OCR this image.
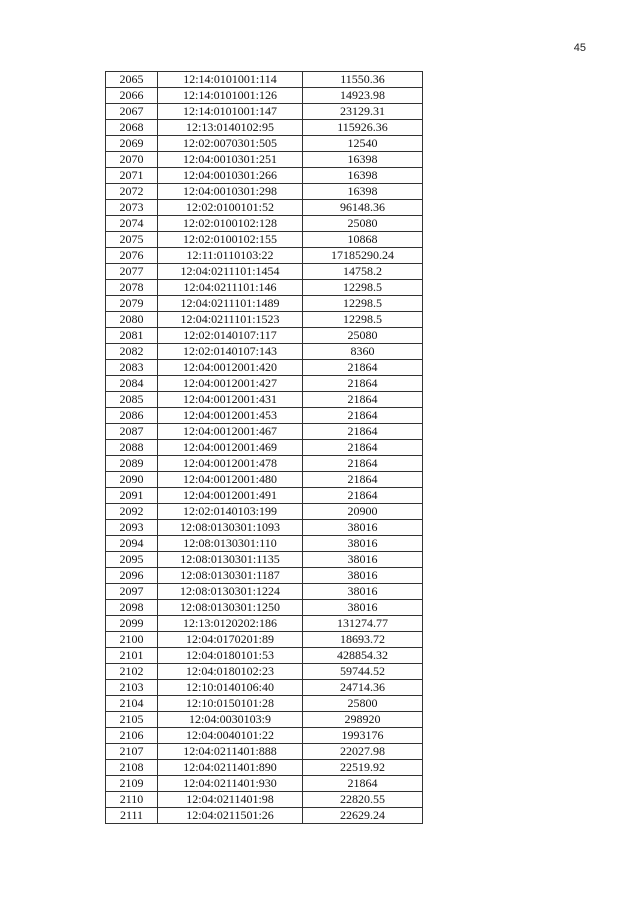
45
2065	12:14:0101001:114	11550.36
2066	12:14:0101001:126	14923.98
2067	12:14:0101001:147	23129.31
2068	12:13:0140102:95	115926.36
2069	12:02:0070301:505	12540
2070	12:04:0010301:251	16398
2071	12:04:0010301:266	16398
2072	12:04:0010301:298	16398
2073	12:02:0100101:52	96148.36
2074	12:02:0100102:128	25080
2075	12:02:0100102:155	10868
2076	12:11:0110103:22	17185290.24
2077	12:04:0211101:1454	14758.2
2078	12:04:0211101:146	12298.5
2079	12:04:0211101:1489	12298.5
2080	12:04:0211101:1523	12298.5
2081	12:02:0140107:117	25080
2082	12:02:0140107:143	8360
2083	12:04:0012001:420	21864
2084	12:04:0012001:427	21864
2085	12:04:0012001:431	21864
2086	12:04:0012001:453	21864
2087	12:04:0012001:467	21864
2088	12:04:0012001:469	21864
2089	12:04:0012001:478	21864
2090	12:04:0012001:480	21864
2091	12:04:0012001:491	21864
2092	12:02:0140103:199	20900
2093	12:08:0130301:1093	38016
2094	12:08:0130301:110	38016
2095	12:08:0130301:1135	38016
2096	12:08:0130301:1187	38016
2097	12:08:0130301:1224	38016
2098	12:08:0130301:1250	38016
2099	12:13:0120202:186	131274.77
2100	12:04:0170201:89	18693.72
2101	12:04:0180101:53	428854.32
2102	12:04:0180102:23	59744.52
2103	12:10:0140106:40	24714.36
2104	12:10:0150101:28	25800
2105	12:04:0030103:9	298920
2106	12:04:0040101:22	1993176
2107	12:04:0211401:888	22027.98
2108	12:04:0211401:890	22519.92
2109	12:04:0211401:930	21864
2110	12:04:0211401:98	22820.55
2111	12:04:0211501:26	22629.24
